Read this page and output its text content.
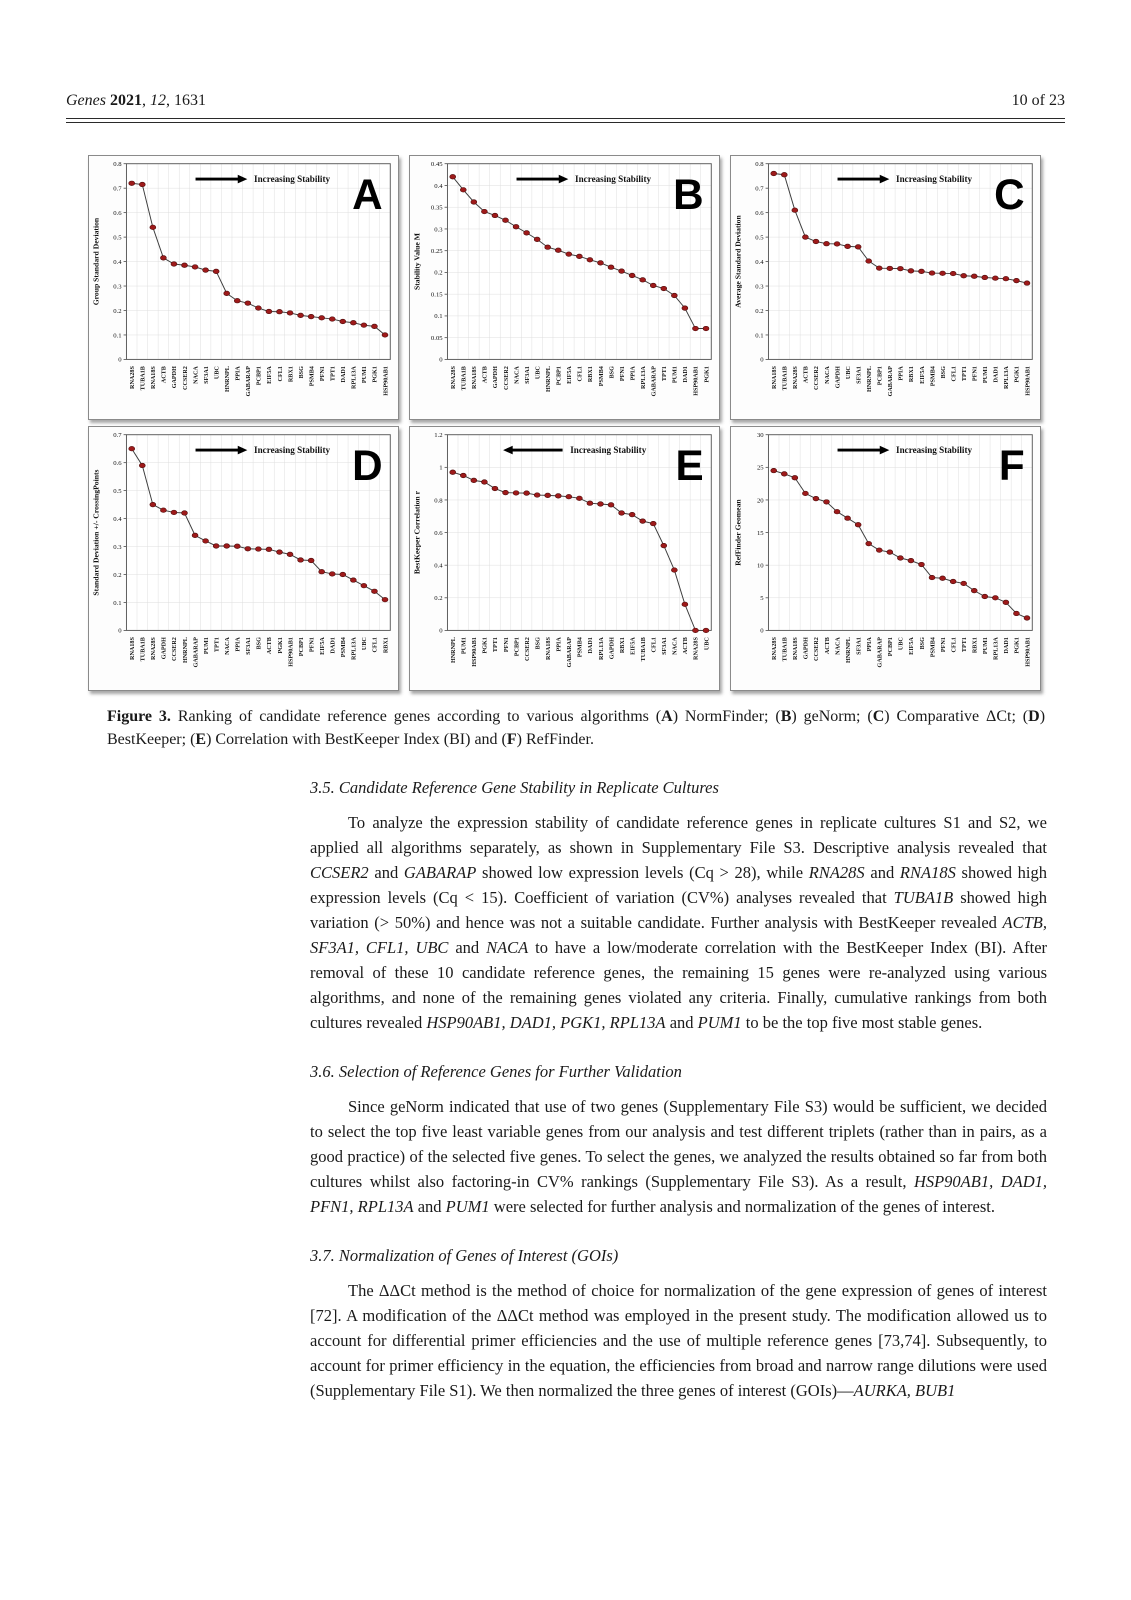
Genes 2021, 12, 1631	10 of 23
0
0.1
0.2
0.3
0.4
0.5
0.6
0.7
0.8
Increasing Stability A
Group Standard Deviation
RNA28S TUBA1B RNA18S ACTB GAPDH CCSER2 NACA SF3A1 UBC HNRNPL PPIA GABARAP PCBP1 EIF5A CFL1 RBX1 BSG PSMB4 PFN1 TPT1 DAD1 RPL13A PUM1 PGK1 HSP90AB1
0
0.05
0.1
0.15
0.2
0.25
0.3
0.35
0.4
0.45
Increasing Stability B
Stability Value M
RNA28S TUBA1B RNA18S ACTB GAPDH CCSER2 NACA SF3A1 UBC HNRNPL PCBP1 EIF5A CFL1 RBX1 PSMB4 BSG PFN1 PPIA RPL13A GABARAP TPT1 PUM1 DAD1 HSP90AB1 PGK1
0
0.1
0.2
0.3
0.4
0.5
0.6
0.7
0.8
Increasing Stability C
Average Standard Deviation
RNA18S TUBA1B RNA28S ACTB CCSER2 NACA GAPDH UBC SF3A1 HNRNPL PCBP1 GABARAP PPIA RBX1 EIF5A PSMB4 BSG CFL1 TPT1 PFN1 PUM1 DAD1 RPL13A PGK1 HSP90AB1
0
0.1
0.2
0.3
0.4
0.5
0.6
0.7
Increasing Stability D
Standard Deviation +/- CrossingPoints
RNA18S TUBA1B RNA28S GAPDH CCSER2 HNRNPL GABARAP PUM1 TPT1 NACA PPIA SF3A1 BSG ACTB PGK1 HSP90AB1 PCBP1 PFN1 EIF5A DAD1 PSMB4 RPL13A UBC CFL1 RBX1
0
0.2
0.4
0.6
0.8
1
1.2
Increasing Stability E
BestKeeper Correlation r
HNRNPL PUM1 HSP90AB1 PGK1 TPT1 PFN1 PCBP1 CCSER2 BSG RNA18S PPIA GABARAP PSMB4 DAD1 RPL13A GAPDH RBX1 EIF5A TUBA1B CFL1 SF3A1 NACA ACTB RNA28S UBC
0
5
10
15
20
25
30
Increasing Stability F
RefFinder Geomean
RNA28S TUBA1B RNA18S GAPDH CCSER2 ACTB NACA HNRNPL SF3A1 PPIA GABARAP PCBP1 UBC EIF5A BSG PSMB4 PFN1 CFL1 TPT1 RBX1 PUM1 RPL13A DAD1 PGK1 HSP90AB1
Figure 3. Ranking of candidate reference genes according to various algorithms (A) NormFinder; (B) geNorm; (C) Comparative ΔCt; (D) BestKeeper; (E) Correlation with BestKeeper Index (BI) and (F) RefFinder.
3.5. Candidate Reference Gene Stability in Replicate Cultures

To analyze the expression stability of candidate reference genes in replicate cultures S1 and S2, we applied all algorithms separately, as shown in Supplementary File S3. Descriptive analysis revealed that CCSER2 and GABARAP showed low expression levels (Cq > 28), while RNA28S and RNA18S showed high expression levels (Cq < 15). Coefficient of variation (CV%) analyses revealed that TUBA1B showed high variation (> 50%) and hence was not a suitable candidate. Further analysis with BestKeeper revealed ACTB, SF3A1, CFL1, UBC and NACA to have a low/moderate correlation with the BestKeeper Index (BI). After removal of these 10 candidate reference genes, the remaining 15 genes were re-analyzed using various algorithms, and none of the remaining genes violated any criteria. Finally, cumulative rankings from both cultures revealed HSP90AB1, DAD1, PGK1, RPL13A and PUM1 to be the top five most stable genes.

3.6. Selection of Reference Genes for Further Validation

Since geNorm indicated that use of two genes (Supplementary File S3) would be sufficient, we decided to select the top five least variable genes from our analysis and test different triplets (rather than in pairs, as a good practice) of the selected five genes. To select the genes, we analyzed the results obtained so far from both cultures whilst also factoring-in CV% rankings (Supplementary File S3). As a result, HSP90AB1, DAD1, PFN1, RPL13A and PUM1 were selected for further analysis and normalization of the genes of interest.

3.7. Normalization of Genes of Interest (GOIs)

The ΔΔCt method is the method of choice for normalization of the gene expression of genes of interest [72]. A modification of the ΔΔCt method was employed in the present study. The modification allowed us to account for differential primer efficiencies and the use of multiple reference genes [73,74]. Subsequently, to account for primer efficiency in the equation, the efficiencies from broad and narrow range dilutions were used (Supplementary File S1). We then normalized the three genes of interest (GOIs)—AURKA, BUB1
